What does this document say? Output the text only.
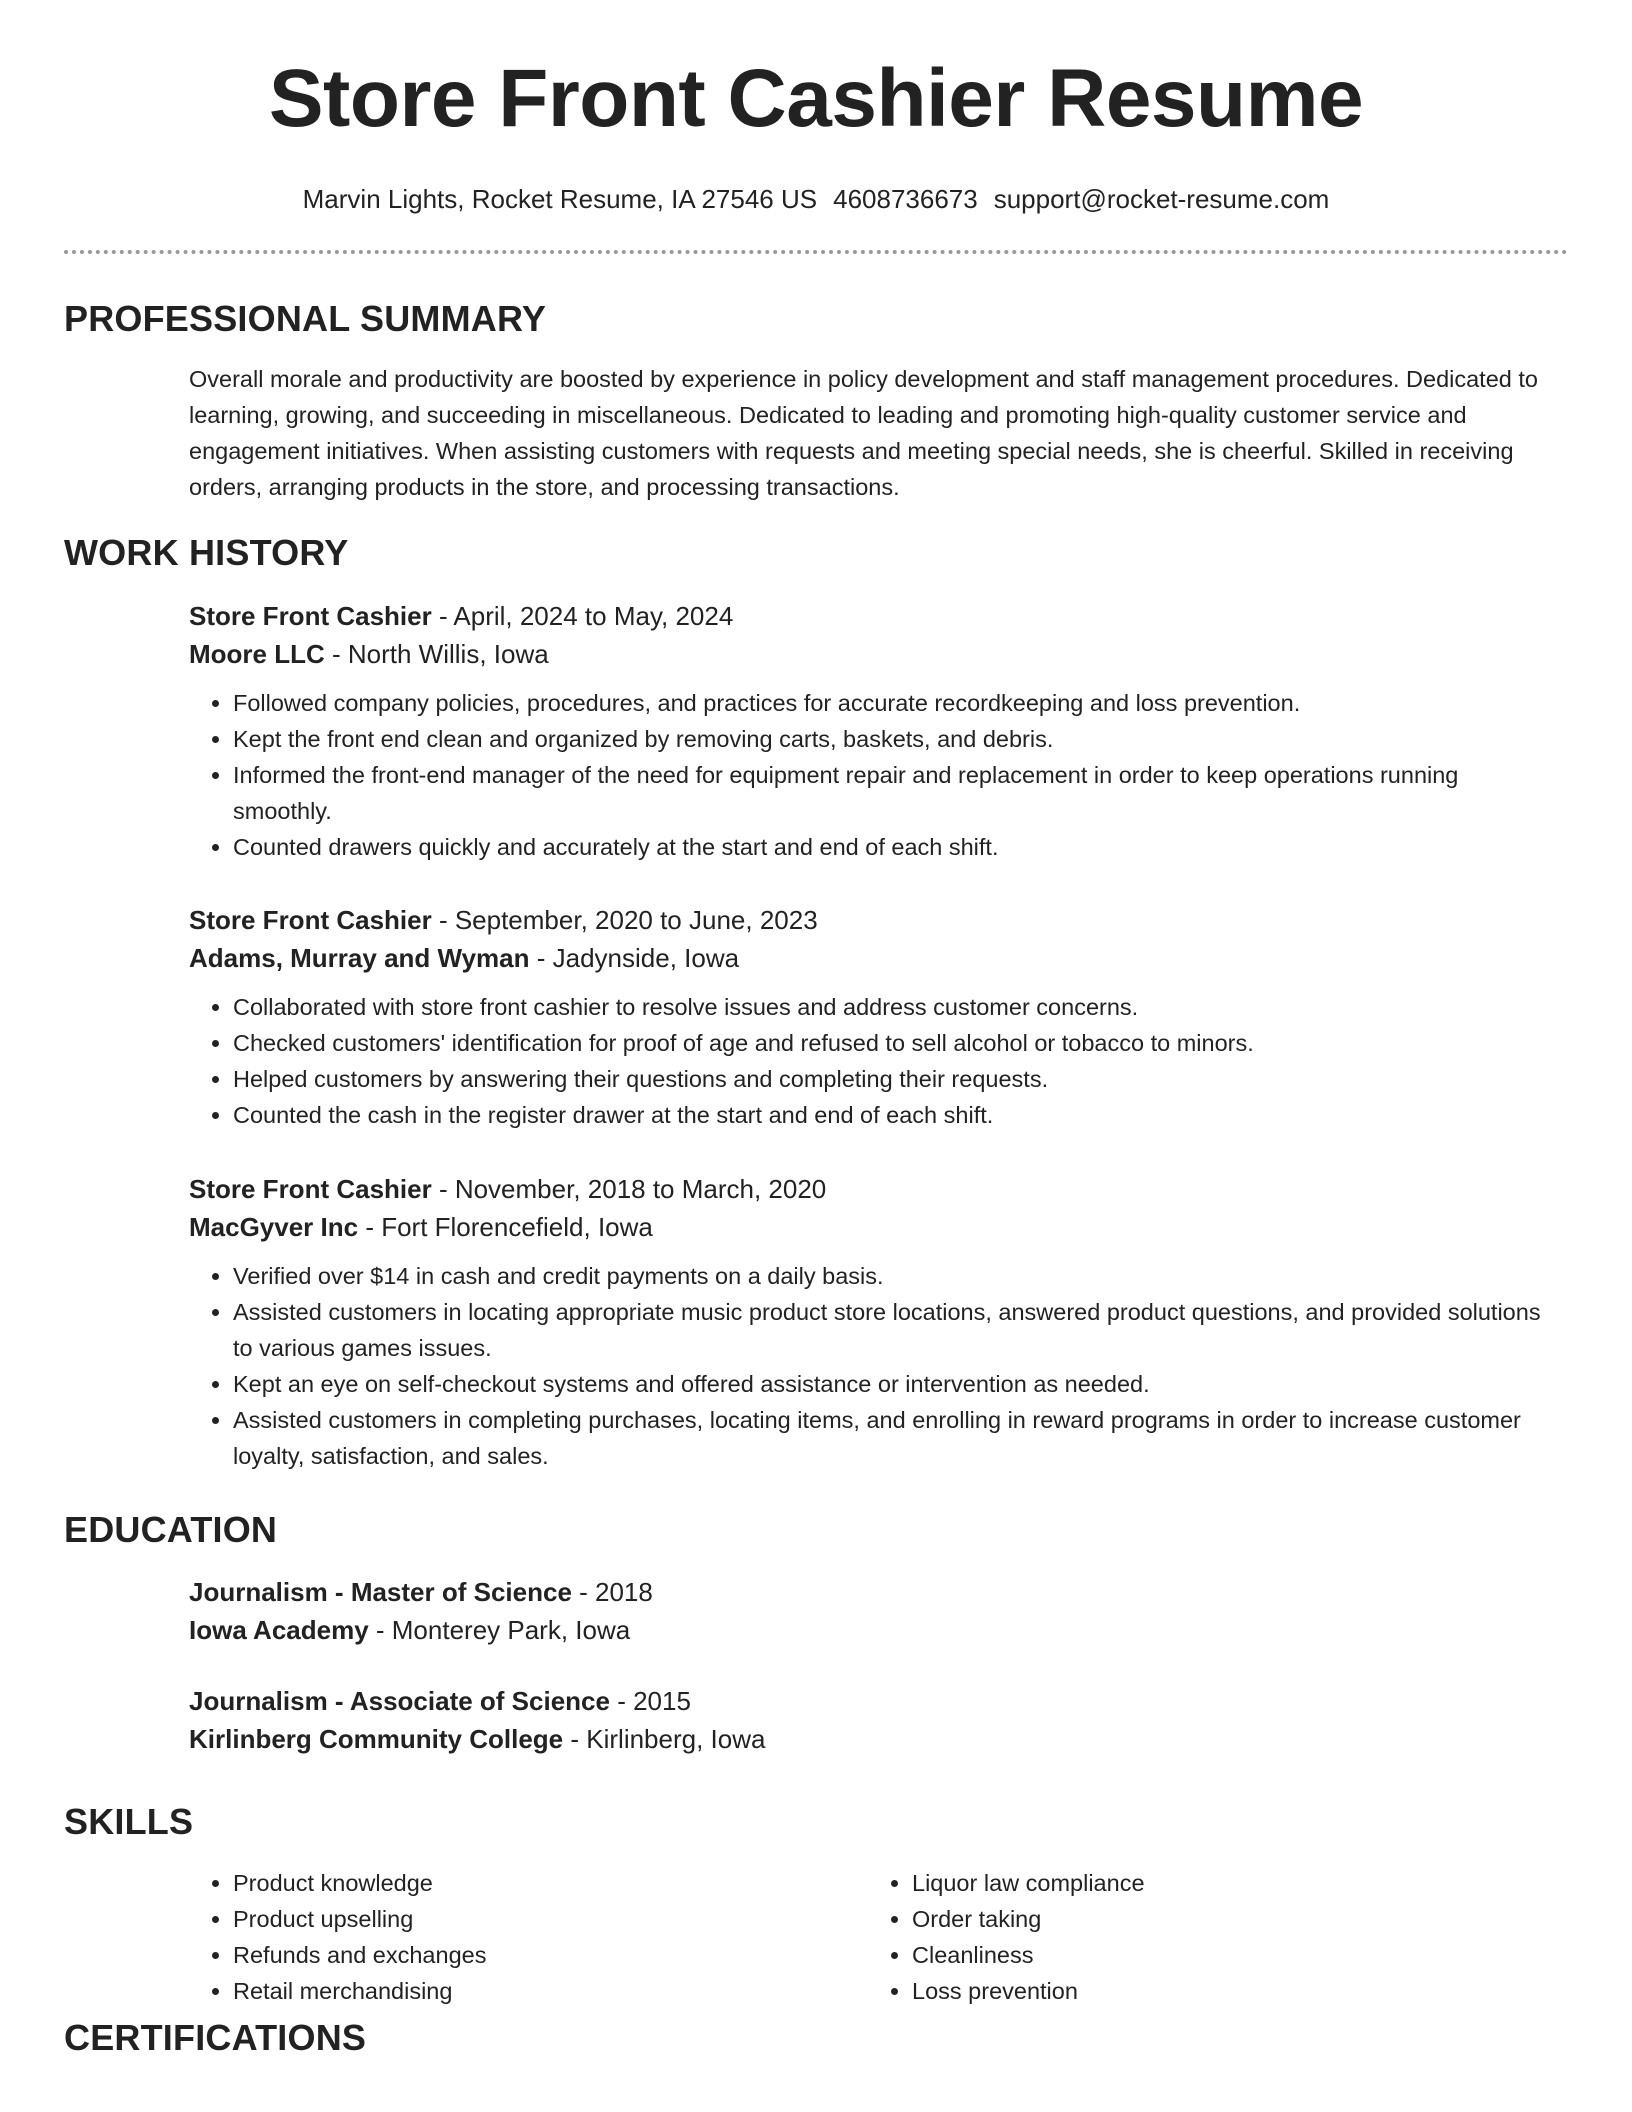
Store Front Cashier Resume
Marvin Lights, Rocket Resume, IA 27546 US 4608736673 support@rocket-resume.com
PROFESSIONAL SUMMARY

Overall morale and productivity are boosted by experience in policy development and staff management procedures. Dedicated to learning, growing, and succeeding in miscellaneous. Dedicated to leading and promoting high-quality customer service and engagement initiatives. When assisting customers with requests and meeting special needs, she is cheerful. Skilled in receiving orders, arranging products in the store, and processing transactions.

WORK HISTORY
Store Front Cashier - April, 2024 to May, 2024
Moore LLC - North Willis, Iowa
• Followed company policies, procedures, and practices for accurate recordkeeping and loss prevention.
• Kept the front end clean and organized by removing carts, baskets, and debris.
• Informed the front-end manager of the need for equipment repair and replacement in order to keep operations running smoothly.
• Counted drawers quickly and accurately at the start and end of each shift.
Store Front Cashier - September, 2020 to June, 2023
Adams, Murray and Wyman - Jadynside, Iowa
• Collaborated with store front cashier to resolve issues and address customer concerns.
• Checked customers' identification for proof of age and refused to sell alcohol or tobacco to minors.
• Helped customers by answering their questions and completing their requests.
• Counted the cash in the register drawer at the start and end of each shift.
Store Front Cashier - November, 2018 to March, 2020
MacGyver Inc - Fort Florencefield, Iowa
• Verified over $14 in cash and credit payments on a daily basis.
• Assisted customers in locating appropriate music product store locations, answered product questions, and provided solutions to various games issues.
• Kept an eye on self-checkout systems and offered assistance or intervention as needed.
• Assisted customers in completing purchases, locating items, and enrolling in reward programs in order to increase customer loyalty, satisfaction, and sales.
EDUCATION
Journalism - Master of Science - 2018
Iowa Academy - Monterey Park, Iowa
Journalism - Associate of Science - 2015
Kirlinberg Community College - Kirlinberg, Iowa
SKILLS
• Product knowledge
• Product upselling
• Refunds and exchanges
• Retail merchandising
• Liquor law compliance
• Order taking
• Cleanliness
• Loss prevention
CERTIFICATIONS
